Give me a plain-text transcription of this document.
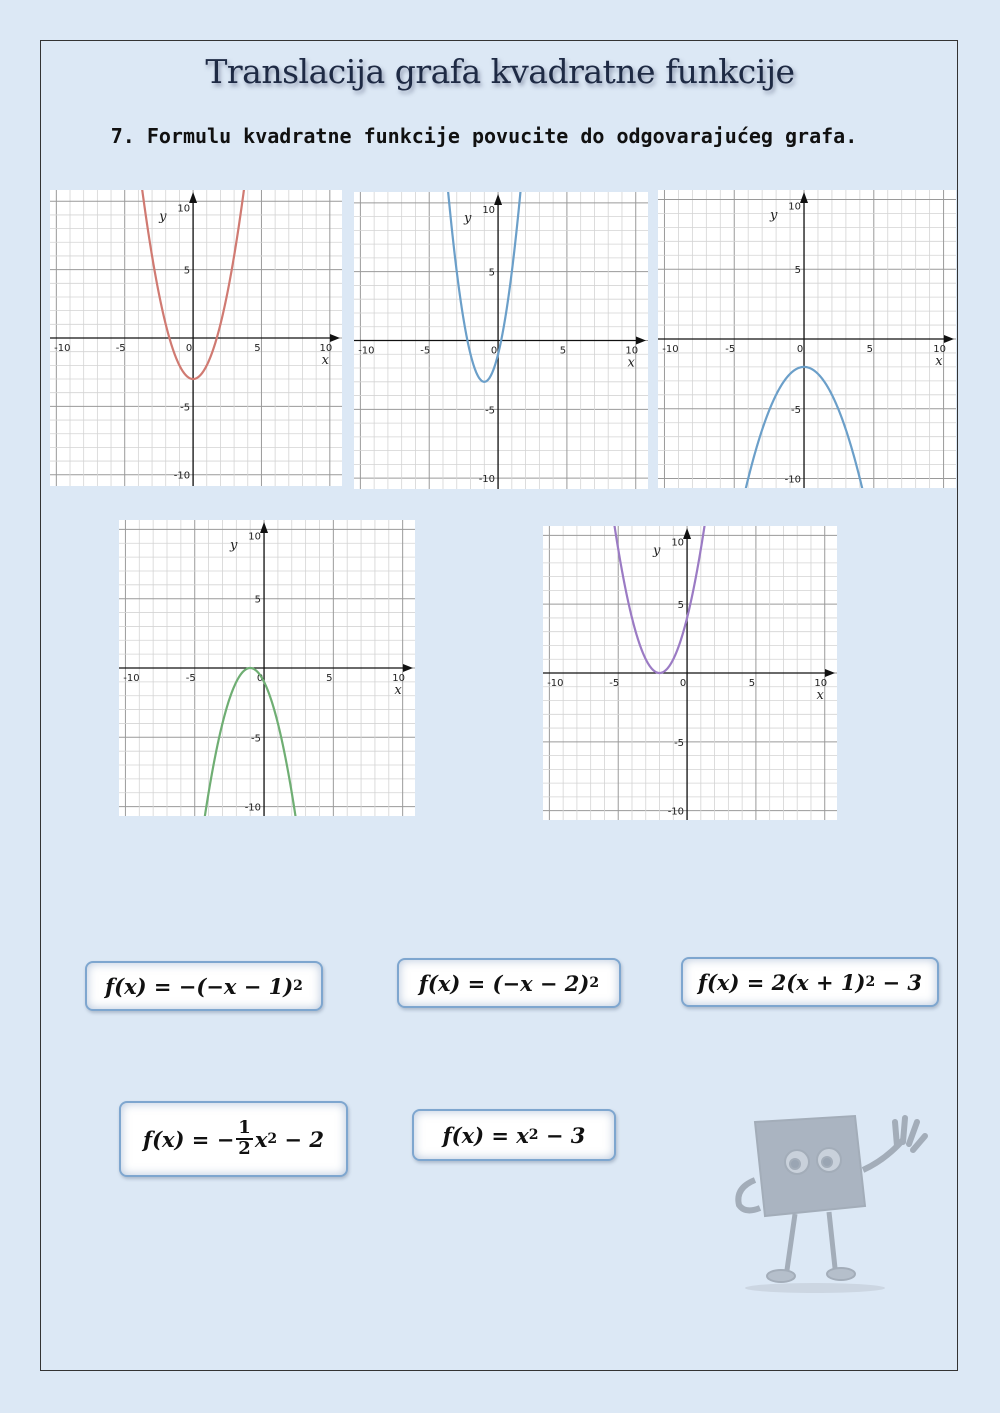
Translacija grafa kvadratne funkcije
7. Formulu kvadratne funkcije povucite do odgovarajućeg grafa.
-10	-5	0	5	10
10
5
-5
-10
x
y
-10	-5	0	5	10
10
5
-5
-10
x
y
-10	-5	0	5	10
10
5
-5
-10
x
y
-10	-5	0	5	10
10
5
-5
-10
x
y
-10	-5	0	5	10
10
5
-5
-10
x
y
f(x) = −(−x − 1) 2	f(x) = (−x − 2) 2	f(x) = 2(x + 1) 2 − 3
f(x) = − $\frac{1}{2}$ x 2 − 2	f(x) = x 2 − 3
